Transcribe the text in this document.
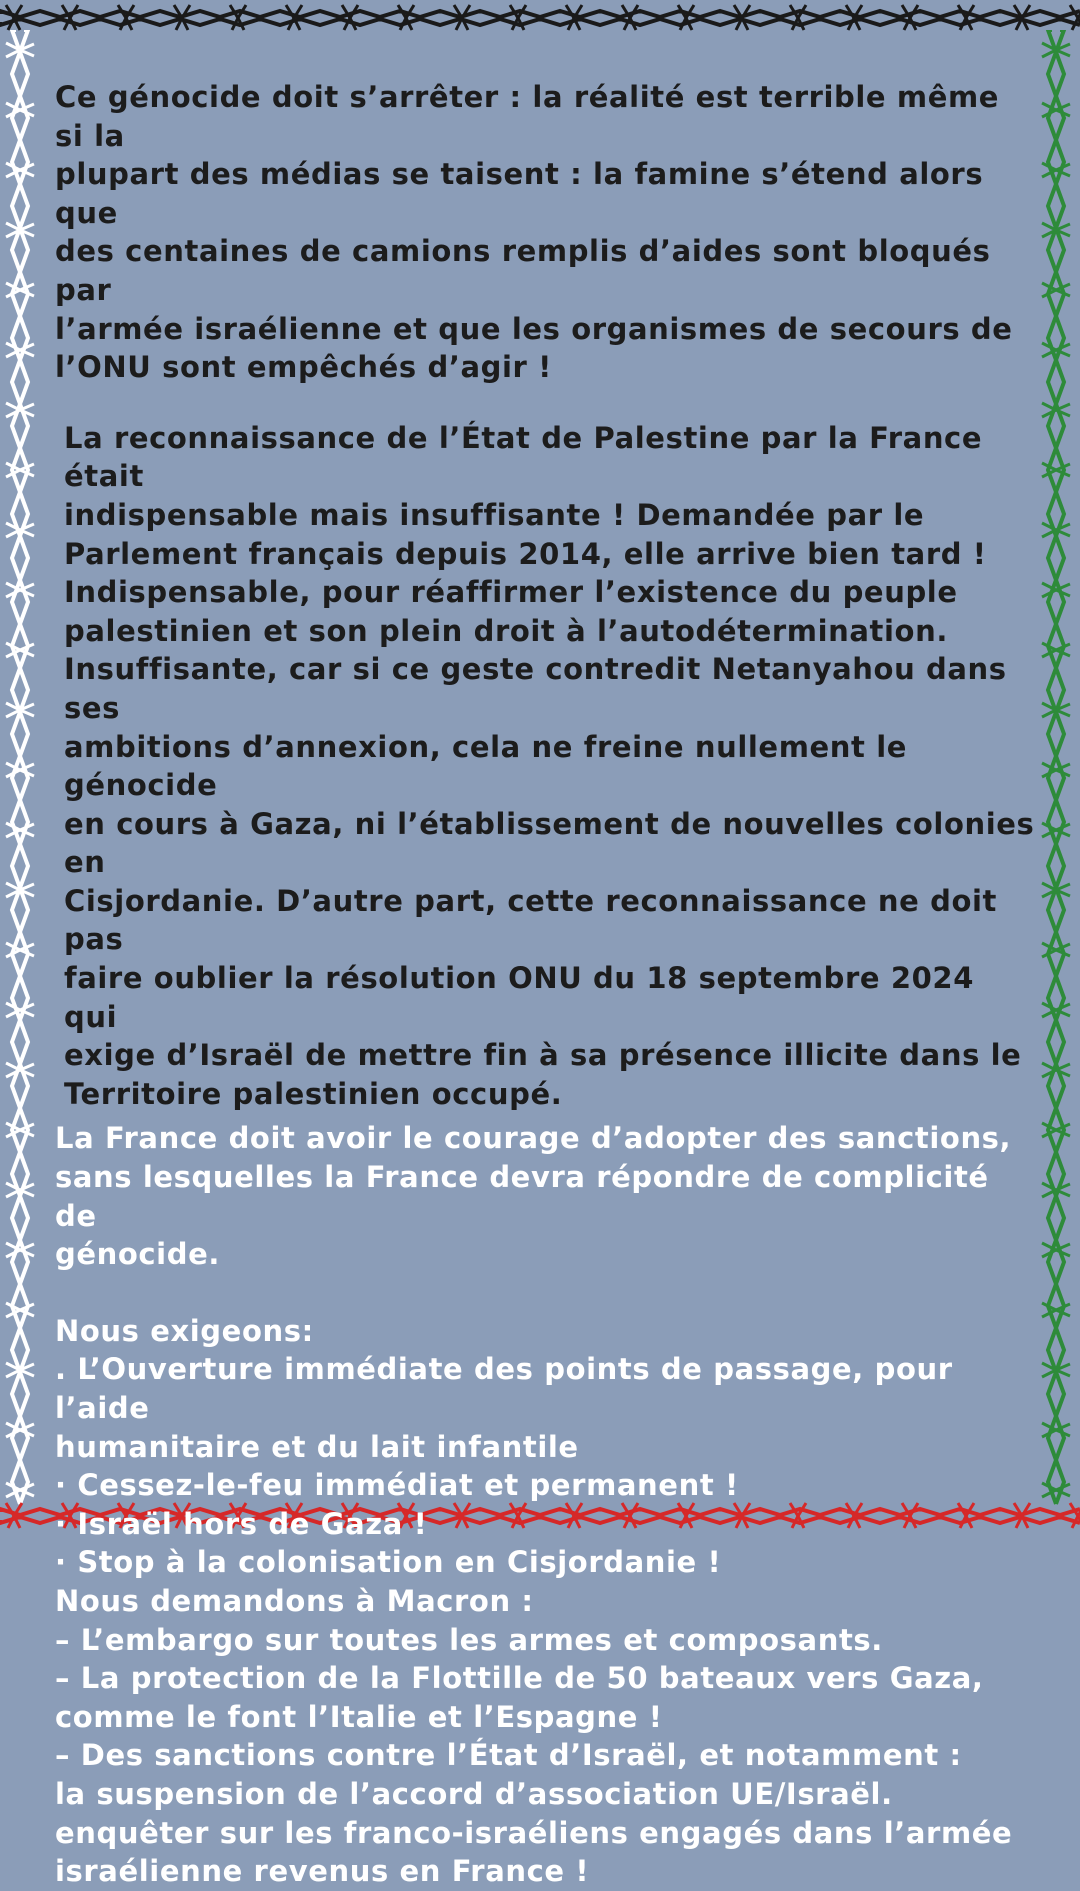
Ce génocide doit s’arrêter : la réalité est terrible même si la
plupart des médias se taisent : la famine s’étend alors que
des centaines de camions remplis d’aides sont bloqués par
l’armée israélienne et que les organismes de secours de
l’ONU sont empêchés d’agir !

La reconnaissance de l’État de Palestine par la France était
indispensable mais insuffisante ! Demandée par le
Parlement français depuis 2014, elle arrive bien tard !
Indispensable, pour réaffirmer l’existence du peuple
palestinien et son plein droit à l’autodétermination.
Insuffisante, car si ce geste contredit Netanyahou dans ses
ambitions d’annexion, cela ne freine nullement le génocide
en cours à Gaza, ni l’établissement de nouvelles colonies en
Cisjordanie. D’autre part, cette reconnaissance ne doit pas
faire oublier la résolution ONU du 18 septembre 2024 qui
exige d’Israël de mettre fin à sa présence illicite dans le
Territoire palestinien occupé.

La France doit avoir le courage d’adopter des sanctions,
sans lesquelles la France devra répondre de complicité de
génocide.

Nous exigeons:
. L’Ouverture immédiate des points de passage, pour l’aide
humanitaire et du lait infantile
· Cessez-le-feu immédiat et permanent !
· Israël hors de Gaza !
· Stop à la colonisation en Cisjordanie !
Nous demandons à Macron :
– L’embargo sur toutes les armes et composants.
– La protection de la Flottille de 50 bateaux vers Gaza,
comme le font l’Italie et l’Espagne !
– Des sanctions contre l’État d’Israël, et notamment :
la suspension de l’accord d’association UE/Israël.
enquêter sur les franco-israéliens engagés dans l’armée
israélienne revenus en France !
